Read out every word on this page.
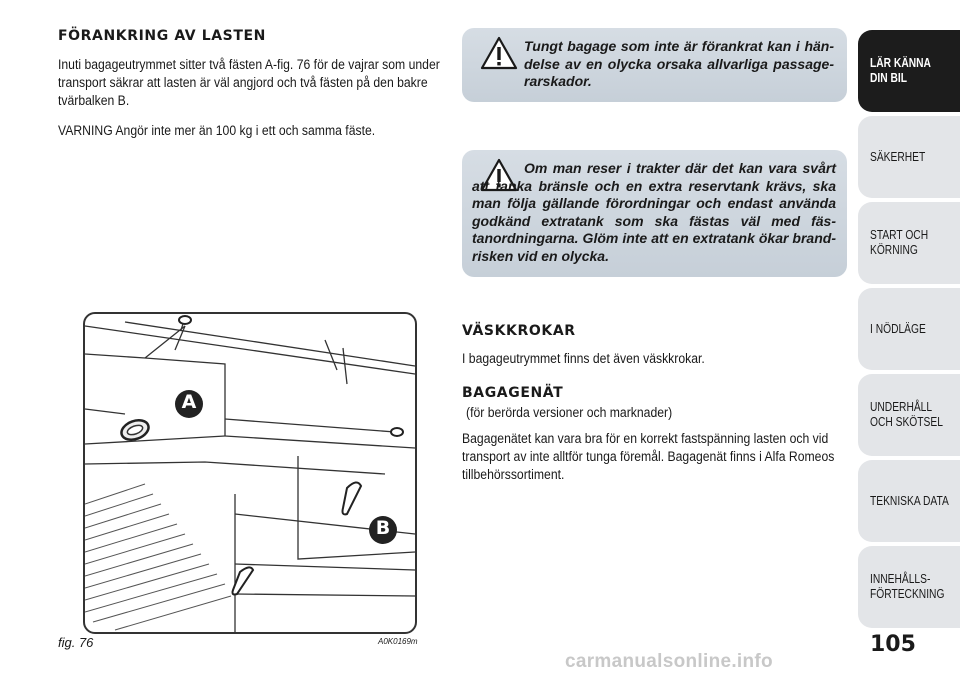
FÖRANKRING AV LASTEN

Inuti bagageutrymmet sitter två fästen A-fig. 76 för de vajrar som under transport säkrar att lasten är väl angjord och två fästen på den bakre tvärbalken B.

VARNING Angör inte mer än 100 kg i ett och samma fäste.

Tungt bagage som inte är förankrat kan i hän-delse av en olycka orsaka allvarliga passage-rarskador.
Om man reser i trakter där det kan vara svårt att tanka bränsle och en extra reservtank krävs, ska man följa gällande förordningar och endast använda godkänd extratank som ska fästas väl med fäs-tanordningarna. Glöm inte att en extratank ökar brand-risken vid en olycka.
A
B
fig. 76	A0K0169m
VÄSKKROKAR

I bagageutrymmet finns det även väskkrokar.

BAGAGENÄT

(för berörda versioner och marknader)

Bagagenätet kan vara bra för en korrekt fastspänning lasten och vid transport av inte alltför tunga föremål. Bagagenät finns i Alfa Romeos tillbehörssortiment.

LÄR KÄNNA
DIN BIL
SÄKERHET
START OCH
KÖRNING
I NÖDLÄGE
UNDERHÅLL
OCH SKÖTSEL
TEKNISKA DATA
INNEHÅLLS-
FÖRTECKNING
105
carmanualsonline.info
